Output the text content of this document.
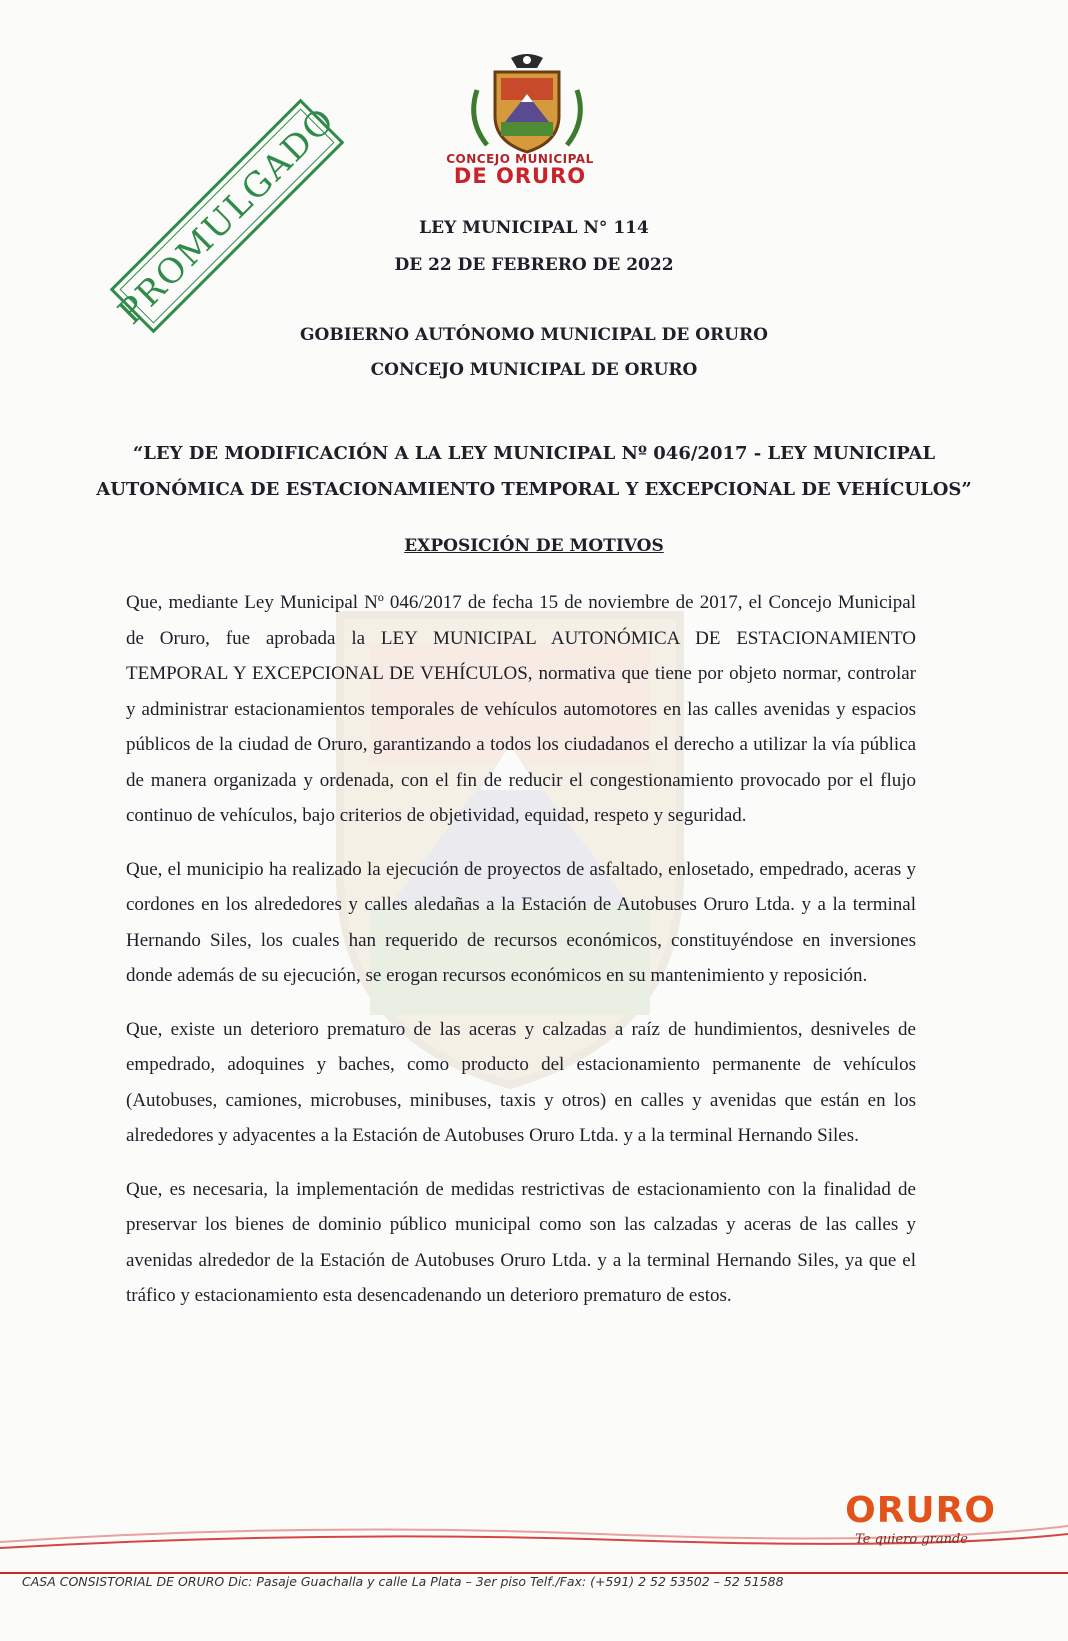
CONCEJO MUNICIPAL
DE ORURO
PROMULGADO	LEY MUNICIPAL N° 114
DE 22 DE FEBRERO DE 2022
GOBIERNO AUTÓNOMO MUNICIPAL DE ORURO
CONCEJO MUNICIPAL DE ORURO
“LEY DE MODIFICACIÓN A LA LEY MUNICIPAL Nº 046/2017 - LEY MUNICIPAL
AUTONÓMICA DE ESTACIONAMIENTO TEMPORAL Y EXCEPCIONAL DE VEHÍCULOS”
EXPOSICIÓN DE MOTIVOS

Que, mediante Ley Municipal Nº 046/2017 de fecha 15 de noviembre de 2017, el Concejo Municipal de Oruro, fue aprobada la LEY MUNICIPAL AUTONÓMICA DE ESTACIONAMIENTO TEMPORAL Y EXCEPCIONAL DE VEHÍCULOS, normativa que tiene por objeto normar, controlar y administrar estacionamientos temporales de vehículos automotores en las calles avenidas y espacios públicos de la ciudad de Oruro, garantizando a todos los ciudadanos el derecho a utilizar la vía pública de manera organizada y ordenada, con el fin de reducir el congestionamiento provocado por el flujo continuo de vehículos, bajo criterios de objetividad, equidad, respeto y seguridad.

Que, el municipio ha realizado la ejecución de proyectos de asfaltado, enlosetado, empedrado, aceras y cordones en los alrededores y calles aledañas a la Estación de Autobuses Oruro Ltda. y a la terminal Hernando Siles, los cuales han requerido de recursos económicos, constituyéndose en inversiones donde además de su ejecución, se erogan recursos económicos en su mantenimiento y reposición.

Que, existe un deterioro prematuro de las aceras y calzadas a raíz de hundimientos, desniveles de empedrado, adoquines y baches, como producto del estacionamiento permanente de vehículos (Autobuses, camiones, microbuses, minibuses, taxis y otros) en calles y avenidas que están en los alrededores y adyacentes a la Estación de Autobuses Oruro Ltda. y a la terminal Hernando Siles.

Que, es necesaria, la implementación de medidas restrictivas de estacionamiento con la finalidad de preservar los bienes de dominio público municipal como son las calzadas y aceras de las calles y avenidas alrededor de la Estación de Autobuses Oruro Ltda. y a la terminal Hernando Siles, ya que el tráfico y estacionamiento esta desencadenando un deterioro prematuro de estos.

ORURO
Te quiero grande
CASA CONSISTORIAL DE ORURO Dic: Pasaje Guachalla y calle La Plata – 3er piso Telf./Fax: (+591) 2 52 53502 – 52 51588
